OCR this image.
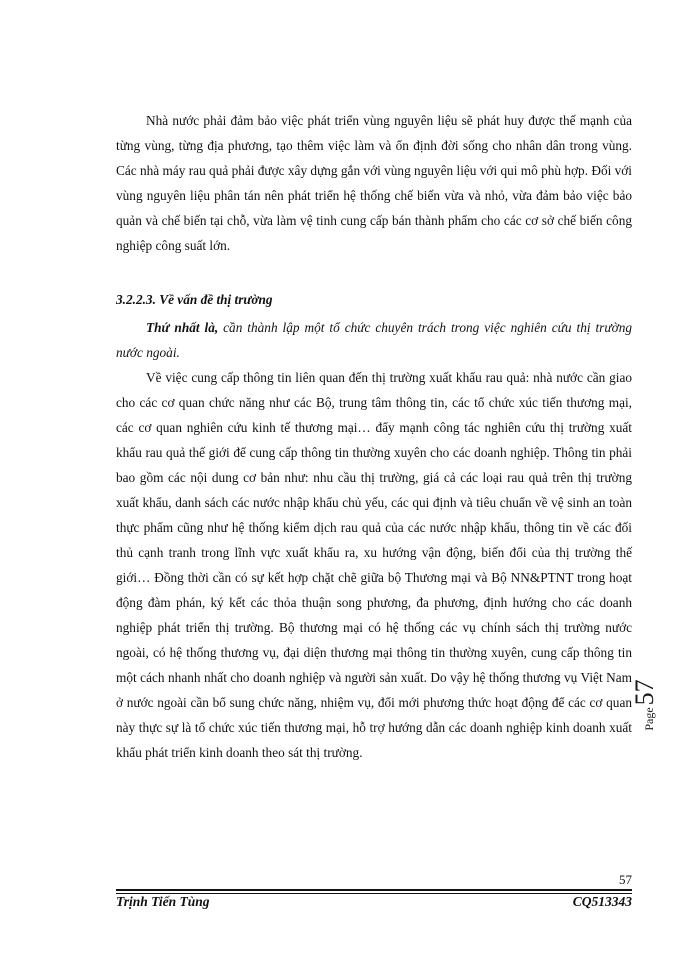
Nhà nước phải đảm bảo việc phát triển vùng nguyên liệu sẽ phát huy được thế mạnh của từng vùng, từng địa phương, tạo thêm việc làm và ổn định đời sống cho nhân dân trong vùng. Các nhà máy rau quả phải được xây dựng gắn với vùng nguyên liệu với qui mô phù hợp. Đối với vùng nguyên liệu phân tán nên phát triển hệ thống chế biến vừa và nhỏ, vừa đảm bảo việc bảo quản và chế biến tại chỗ, vừa làm vệ tinh cung cấp bán thành phẩm cho các cơ sở chế biến công nghiệp công suất lớn.

3.2.2.3. Về vấn đề thị trường

Thứ nhất là, cần thành lập một tổ chức chuyên trách trong việc nghiên cứu thị trường nước ngoài.

Về việc cung cấp thông tin liên quan đến thị trường xuất khẩu rau quả: nhà nước cần giao cho các cơ quan chức năng như các Bộ, trung tâm thông tin, các tổ chức xúc tiến thương mại, các cơ quan nghiên cứu kinh tế thương mại… đẩy mạnh công tác nghiên cứu thị trường xuất khẩu rau quả thế giới để cung cấp thông tin thường xuyên cho các doanh nghiệp. Thông tin phải bao gồm các nội dung cơ bản như: nhu cầu thị trường, giá cả các loại rau quả trên thị trường xuất khẩu, danh sách các nước nhập khẩu chủ yếu, các qui định và tiêu chuẩn về vệ sinh an toàn thực phẩm cũng như hệ thống kiểm dịch rau quả của các nước nhập khẩu, thông tin về các đối thủ cạnh tranh trong lĩnh vực xuất khẩu ra, xu hướng vận động, biến đổi của thị trường thế giới… Đồng thời cần có sự kết hợp chặt chẽ giữa bộ Thương mại và Bộ NN&PTNT trong hoạt động đàm phán, ký kết các thỏa thuận song phương, đa phương, định hướng cho các doanh nghiệp phát triển thị trường. Bộ thương mại có hệ thống các vụ chính sách thị trường nước ngoài, có hệ thống thương vụ, đại diện thương mại thông tin thường xuyên, cung cấp thông tin một cách nhanh nhất cho doanh nghiệp và người sản xuất. Do vậy hệ thống thương vụ Việt Nam ở nước ngoài cần bổ sung chức năng, nhiệm vụ, đổi mới phương thức hoạt động để các cơ quan này thực sự là tổ chức xúc tiến thương mại, hỗ trợ hướng dẫn các doanh nghiệp kinh doanh xuất khẩu phát triển kinh doanh theo sát thị trường.

Page
57
57
Trịnh Tiến Tùng	CQ513343
